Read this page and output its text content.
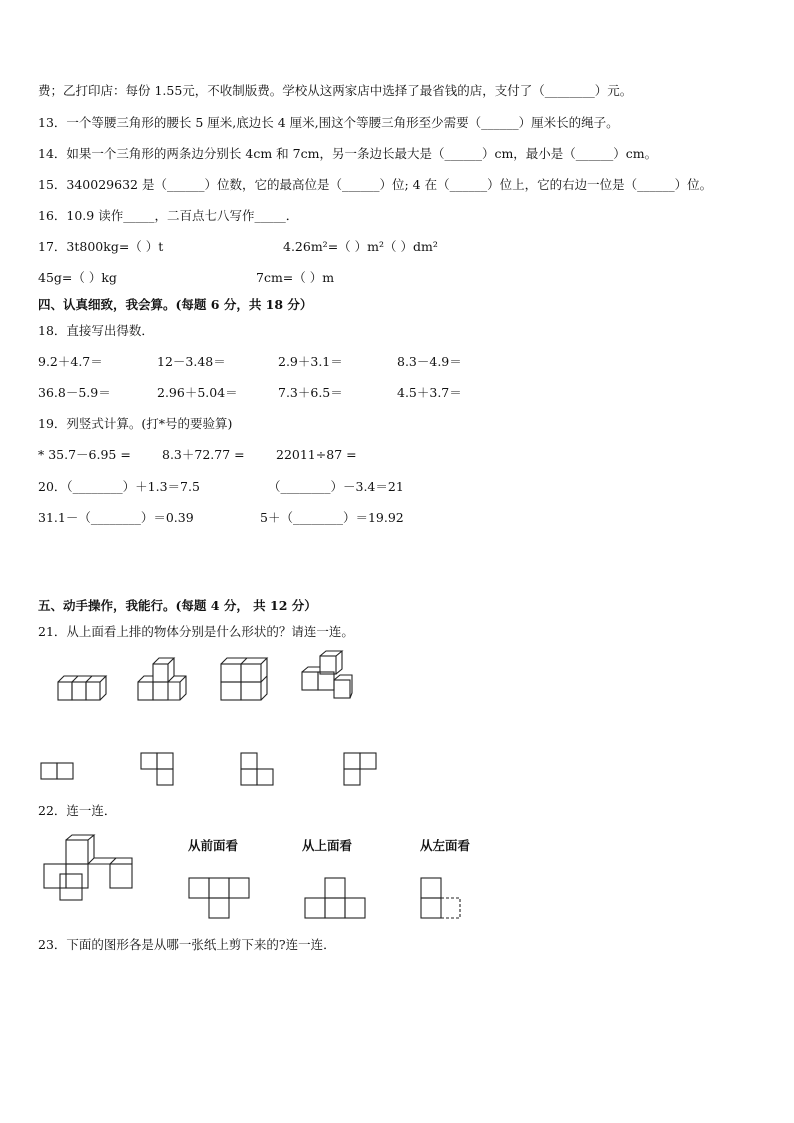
费；乙打印店：每份 1.55元，不收制版费。学校从这两家店中选择了最省钱的店，支付了（________）元。
13．一个等腰三角形的腰长 5 厘米,底边长 4 厘米,围这个等腰三角形至少需要（______）厘米长的绳子。
14．如果一个三角形的两条边分别长 4cm 和 7cm，另一条边长最大是（______）cm，最小是（______）cm。
15．340029632 是（______）位数，它的最高位是（______）位; 4 在（______）位上，它的右边一位是（______）位。
16．10.9 读作_____，二百点七八写作_____．
17．3t800kg=（ ）t	4.26m²=（ ）m²（ ）dm²
45g=（ ）kg	7cm=（ ）m
四、认真细致，我会算。(每题 6 分，共 18 分）
18．直接写出得数．
9.2＋4.7＝	12－3.48＝	2.9＋3.1＝	8.3－4.9＝
36.8－5.9＝	2.96＋5.04＝	7.3＋6.5＝	4.5＋3.7＝
19．列竖式计算。(打*号的要验算)
* 35.7－6.95 = 8.3＋72.77 =	22011÷87 =
20．（________）＋1.3＝7.5	（________）－3.4＝21
31.1－（________）＝0.39	5＋（________）＝19.92
五、动手操作，我能行。(每题 4 分， 共 12 分）
21．从上面看上排的物体分别是什么形状的？请连一连。
22．连一连．
从前面看	从上面看	从左面看
23．下面的图形各是从哪一张纸上剪下来的?连一连．
